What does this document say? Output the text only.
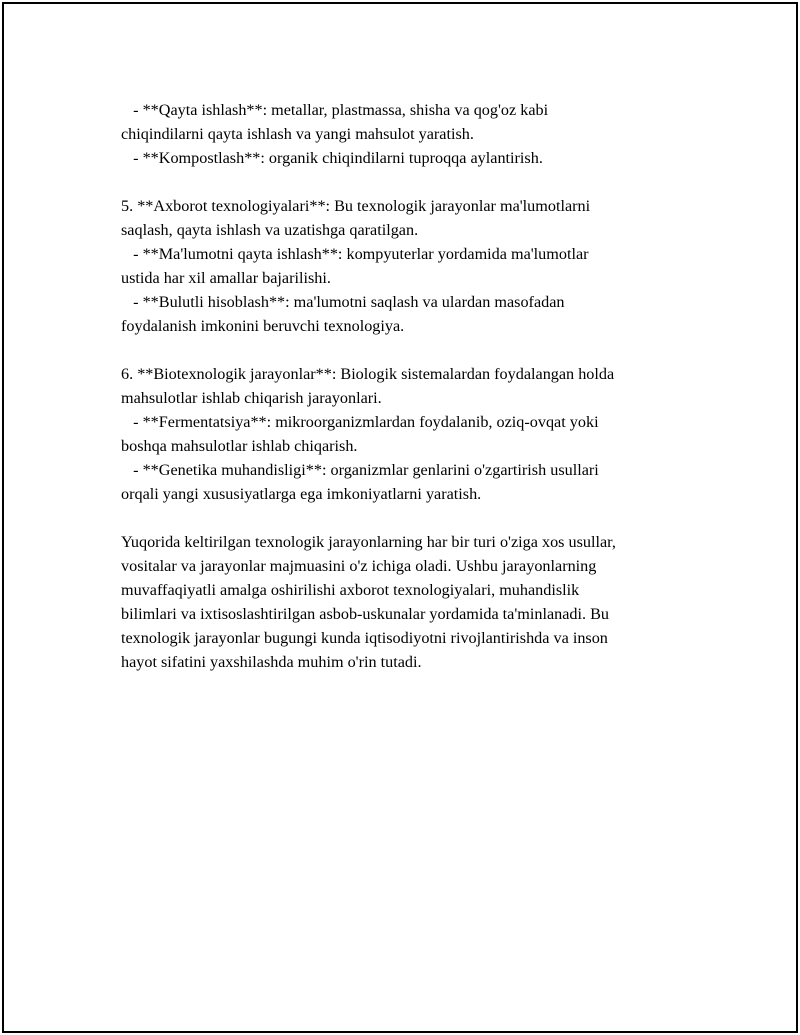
- **Qayta ishlash**: metallar, plastmassa, shisha va qog'oz kabi
chiqindilarni qayta ishlash va yangi mahsulot yaratish.
- **Kompostlash**: organik chiqindilarni tuproqqa aylantirish.
5. **Axborot texnologiyalari**: Bu texnologik jarayonlar ma'lumotlarni
saqlash, qayta ishlash va uzatishga qaratilgan.
- **Ma'lumotni qayta ishlash**: kompyuterlar yordamida ma'lumotlar
ustida har xil amallar bajarilishi.
- **Bulutli hisoblash**: ma'lumotni saqlash va ulardan masofadan
foydalanish imkonini beruvchi texnologiya.
6. **Biotexnologik jarayonlar**: Biologik sistemalardan foydalangan holda
mahsulotlar ishlab chiqarish jarayonlari.
- **Fermentatsiya**: mikroorganizmlardan foydalanib, oziq-ovqat yoki
boshqa mahsulotlar ishlab chiqarish.
- **Genetika muhandisligi**: organizmlar genlarini o'zgartirish usullari
orqali yangi xususiyatlarga ega imkoniyatlarni yaratish.
Yuqorida keltirilgan texnologik jarayonlarning har bir turi o'ziga xos usullar,
vositalar va jarayonlar majmuasini o'z ichiga oladi. Ushbu jarayonlarning
muvaffaqiyatli amalga oshirilishi axborot texnologiyalari, muhandislik
bilimlari va ixtisoslashtirilgan asbob-uskunalar yordamida ta'minlanadi. Bu
texnologik jarayonlar bugungi kunda iqtisodiyotni rivojlantirishda va inson
hayot sifatini yaxshilashda muhim o'rin tutadi.
